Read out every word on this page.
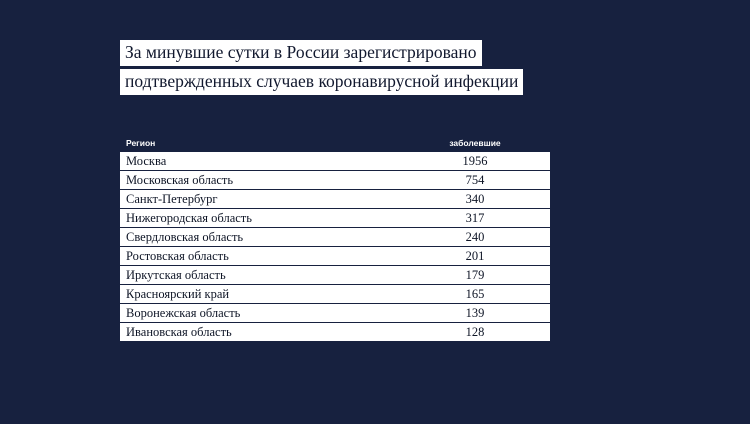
За минувшие сутки в России зарегистрировано
подтвержденных случаев коронавирусной инфекции
Регион	заболевшие
Москва	1956
Московская область	754
Санкт-Петербург	340
Нижегородская область	317
Свердловская область	240
Ростовская область	201
Иркутская область	179
Красноярский край	165
Воронежская область	139
Ивановская область	128
